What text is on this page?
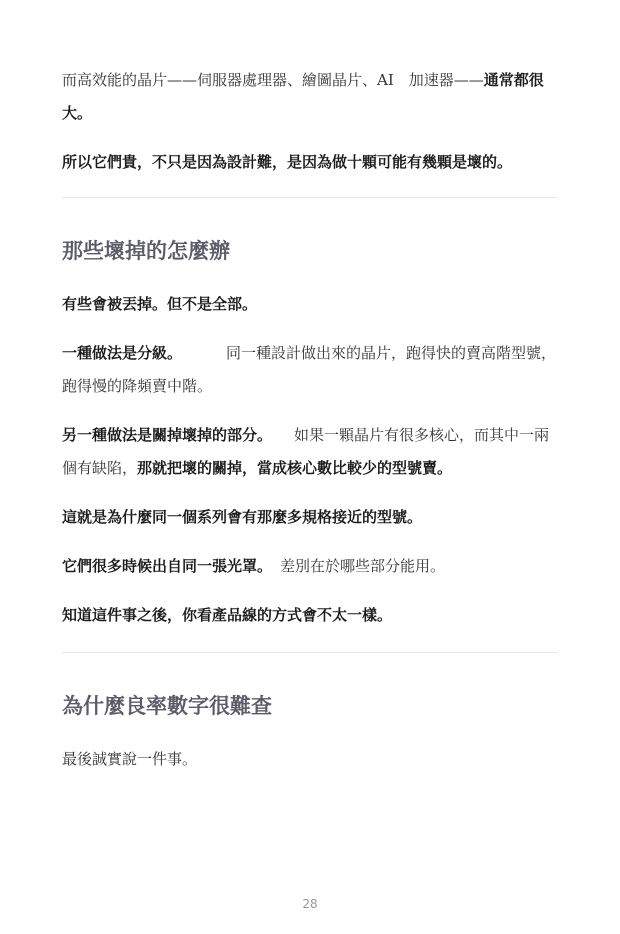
而高效能的晶片——伺服器處理器、繪圖晶片、AI　加速器——通常都很大。

所以它們貴，不只是因為設計難，是因為做十顆可能有幾顆是壞的。

那些壞掉的怎麼辦

有些會被丟掉。但不是全部。

一種做法是分級。	同一種設計做出來的晶片，跑得快的賣高階型號，跑得慢的降頻賣中階。

另一種做法是關掉壞掉的部分。 如果一顆晶片有很多核心，而其中一兩個有缺陷，那就把壞的關掉，當成核心數比較少的型號賣。

這就是為什麼同一個系列會有那麼多規格接近的型號。

它們很多時候出自同一張光罩。 差別在於哪些部分能用。

知道這件事之後，你看產品線的方式會不太一樣。

為什麼良率數字很難查

最後誠實說一件事。

28
